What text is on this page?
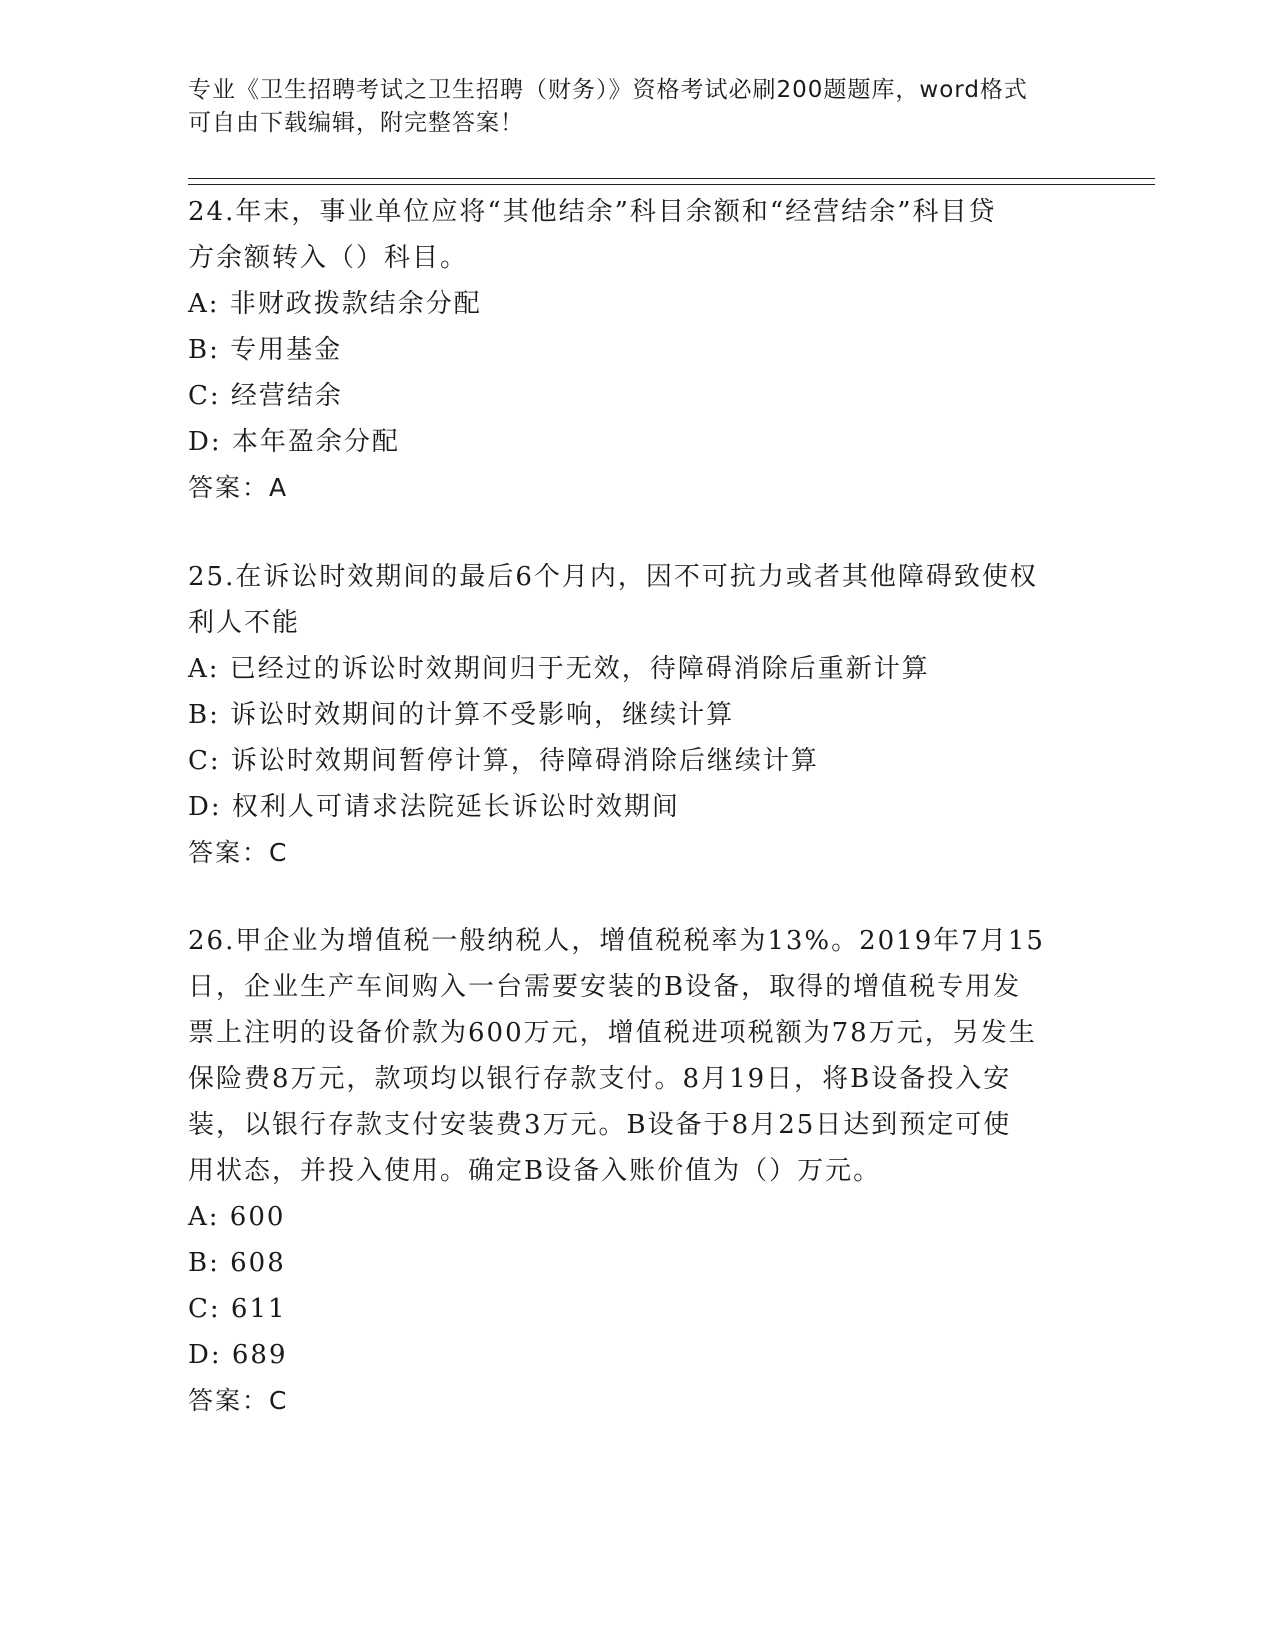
专业《卫生招聘考试之卫生招聘（财务）》资格考试必刷200题题库，word格式
可自由下载编辑，附完整答案！
24.年末，事业单位应将“其他结余”科目余额和“经营结余”科目贷
方余额转入（）科目。
A: 非财政拨款结余分配
B: 专用基金
C: 经营结余
D: 本年盈余分配
答案：A
25.在诉讼时效期间的最后6个月内，因不可抗力或者其他障碍致使权
利人不能
A: 已经过的诉讼时效期间归于无效，待障碍消除后重新计算
B: 诉讼时效期间的计算不受影响，继续计算
C: 诉讼时效期间暂停计算，待障碍消除后继续计算
D: 权利人可请求法院延长诉讼时效期间
答案：C
26.甲企业为增值税一般纳税人，增值税税率为13%。2019年7月15
日，企业生产车间购入一台需要安装的B设备，取得的增值税专用发
票上注明的设备价款为600万元，增值税进项税额为78万元，另发生
保险费8万元，款项均以银行存款支付。8月19日，将B设备投入安
装，以银行存款支付安装费3万元。B设备于8月25日达到预定可使
用状态，并投入使用。确定B设备入账价值为（）万元。
A: 600
B: 608
C: 611
D: 689
答案：C
